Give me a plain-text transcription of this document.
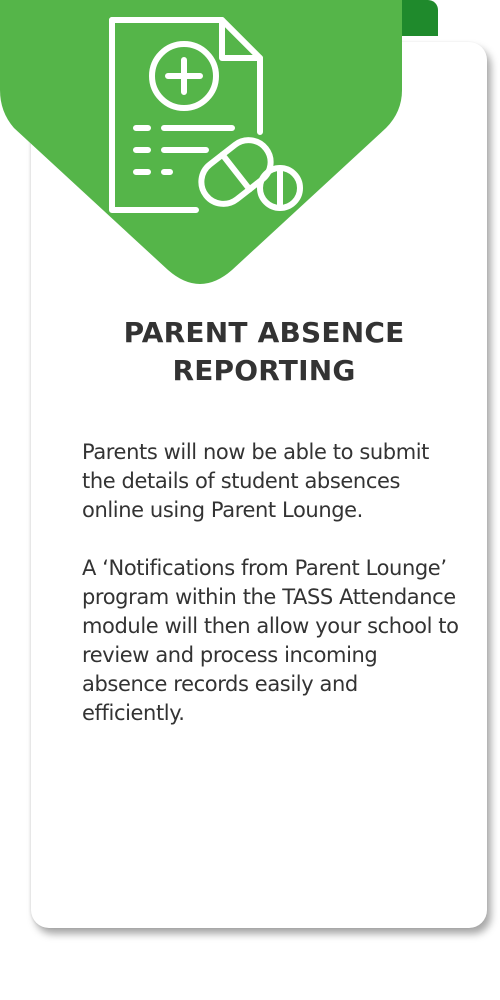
PARENT ABSENCE
REPORTING

Parents will now be able to submit the details of student absences online using Parent Lounge.

A ‘Notifications from Parent Lounge’ program within the TASS Attendance module will then allow your school to review and process incoming absence records easily and efficiently.
